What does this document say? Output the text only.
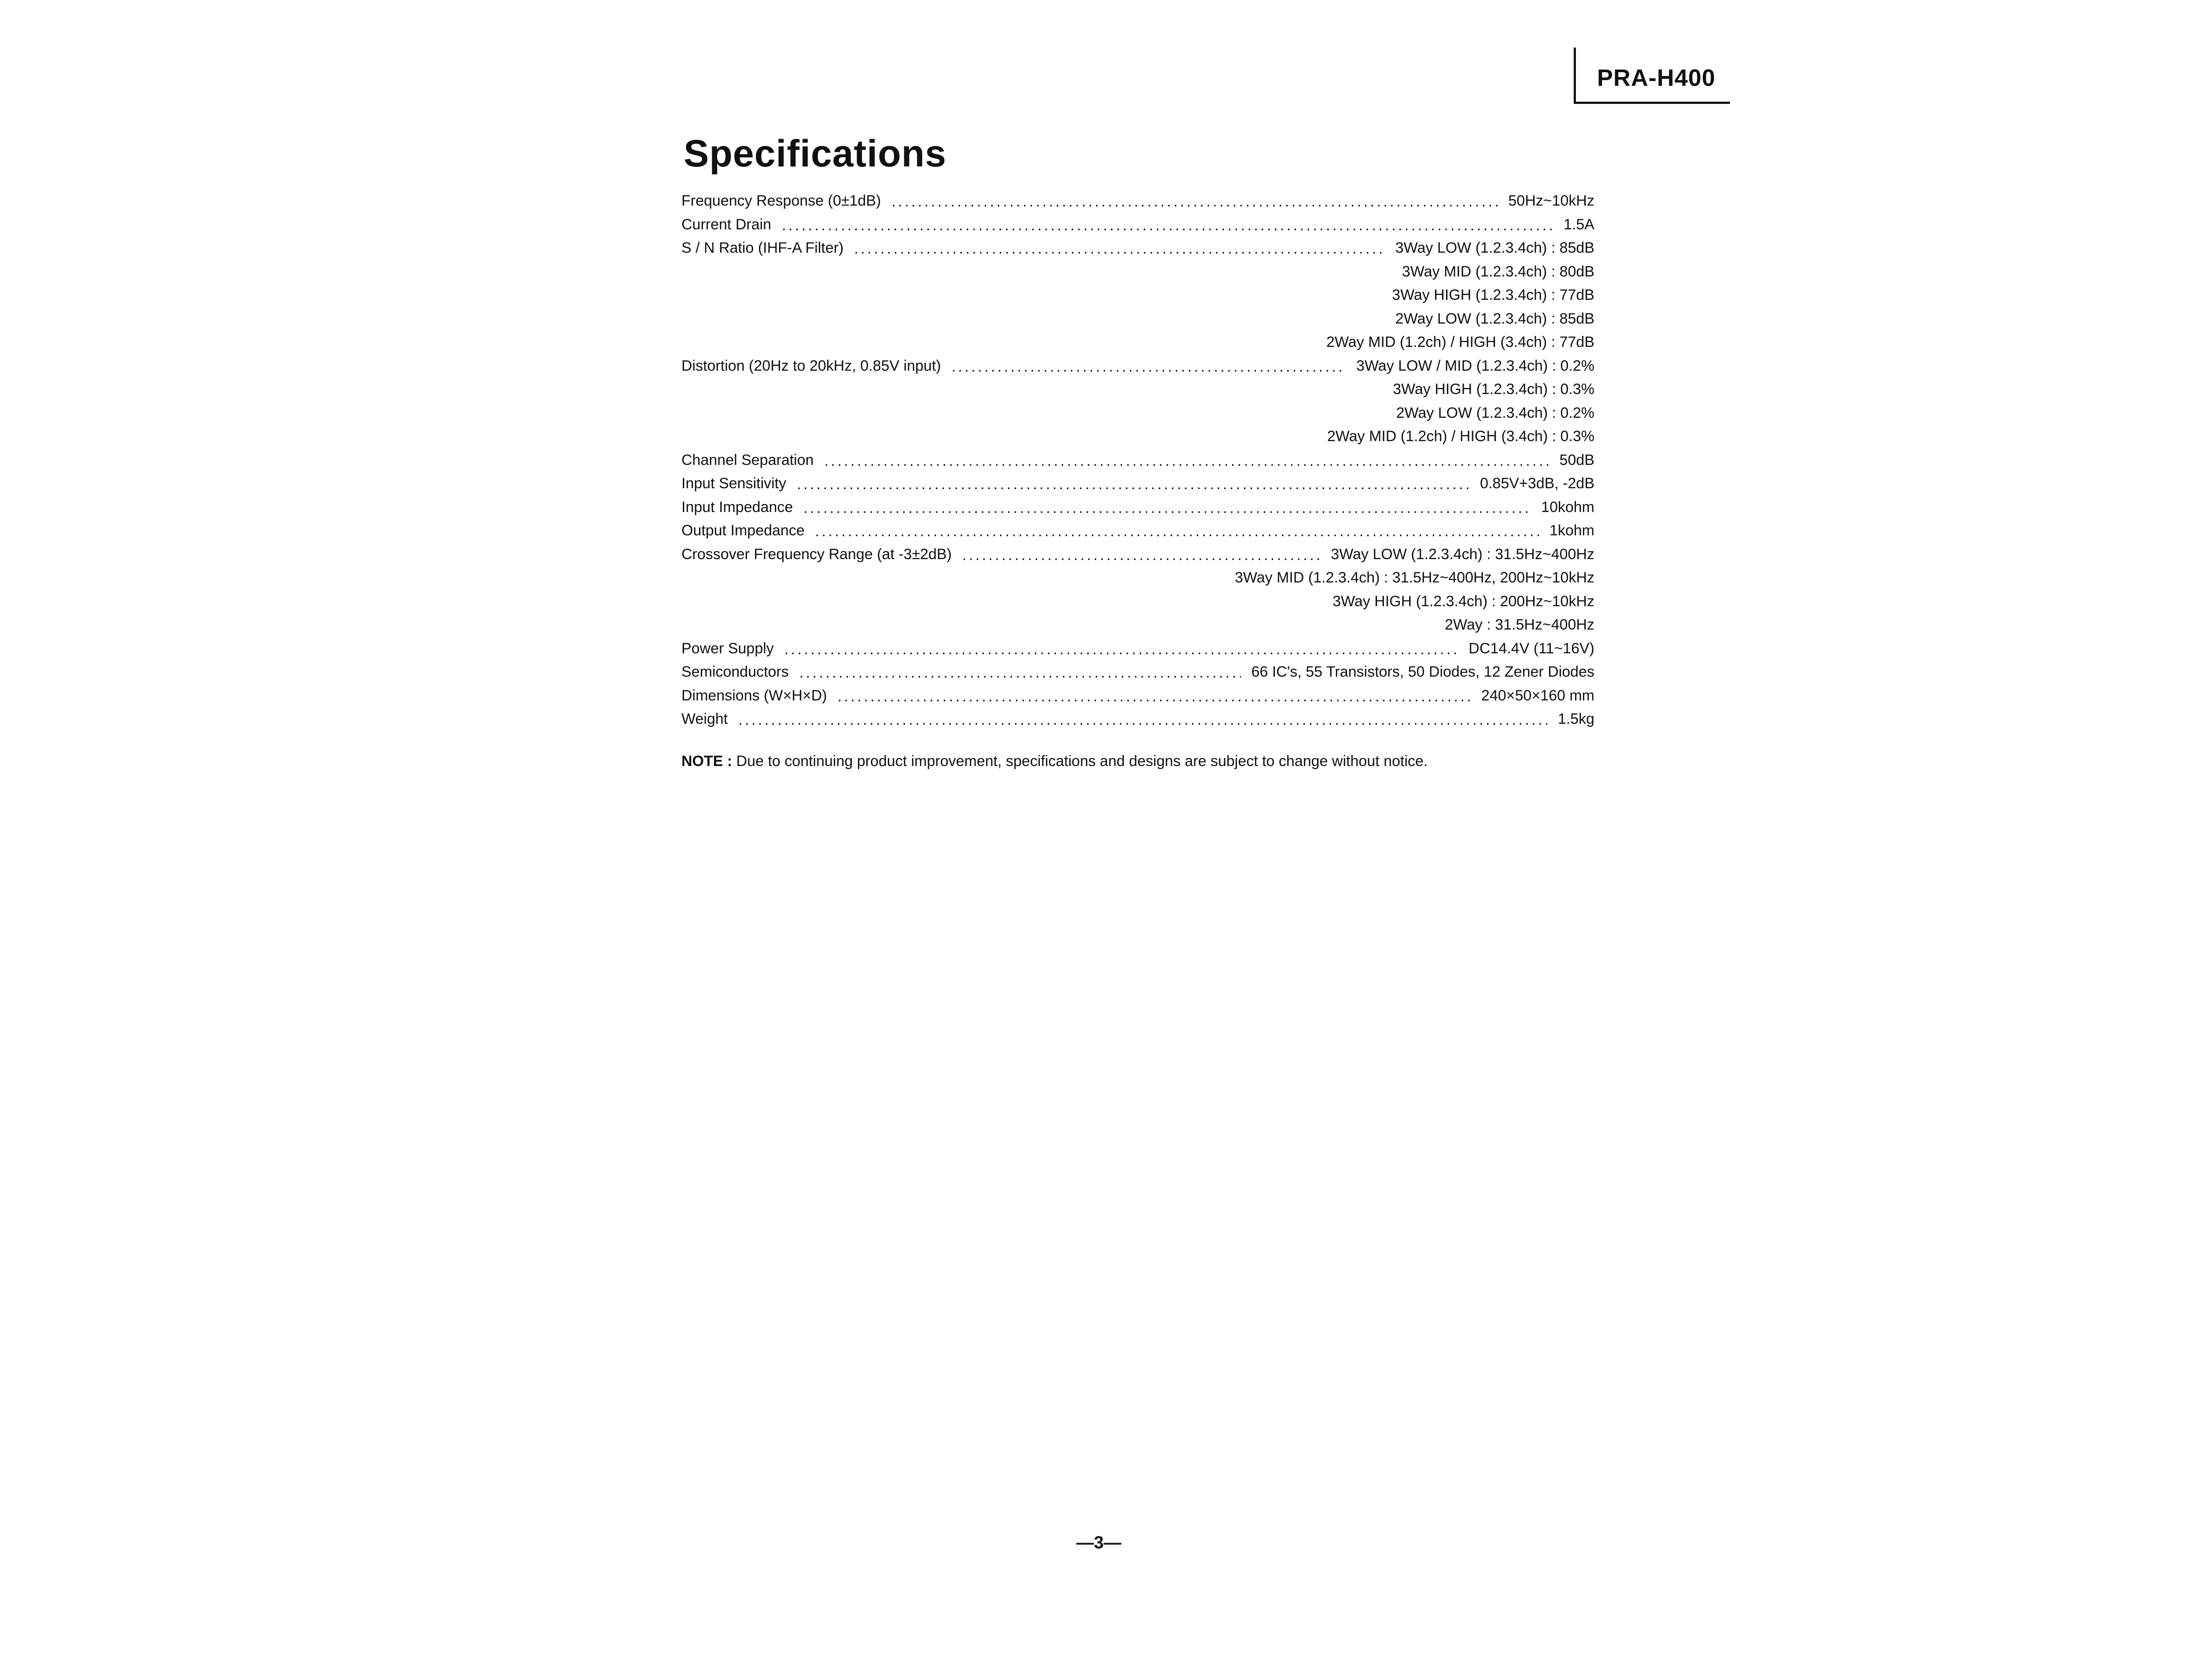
PRA-H400
Specifications
Frequency Response (0±1dB) . . .	50Hz~10kHz
Current Drain . . .	1.5A
S / N Ratio (IHF-A Filter) . . .	3Way LOW (1.2.3.4ch) : 85dB
3Way MID (1.2.3.4ch) : 80dB
3Way HIGH (1.2.3.4ch) : 77dB
2Way LOW (1.2.3.4ch) : 85dB
2Way MID (1.2ch) / HIGH (3.4ch) : 77dB
Distortion (20Hz to 20kHz, 0.85V input) . . .	3Way LOW / MID (1.2.3.4ch) : 0.2%
3Way HIGH (1.2.3.4ch) : 0.3%
2Way LOW (1.2.3.4ch) : 0.2%
2Way MID (1.2ch) / HIGH (3.4ch) : 0.3%
Channel Separation . . .	50dB
Input Sensitivity . . .	0.85V+3dB, -2dB
Input Impedance . . .	10kohm
Output Impedance . . .	1kohm
Crossover Frequency Range (at -3±2dB) . . .	3Way LOW (1.2.3.4ch) : 31.5Hz~400Hz
3Way MID (1.2.3.4ch) : 31.5Hz~400Hz, 200Hz~10kHz
3Way HIGH (1.2.3.4ch) : 200Hz~10kHz
2Way : 31.5Hz~400Hz
Power Supply . . .	DC14.4V (11~16V)
Semiconductors . . .	66 IC's, 55 Transistors, 50 Diodes, 12 Zener Diodes
Dimensions (W×H×D) . . .	240×50×160 mm
Weight . . .	1.5kg
NOTE : Due to continuing product improvement, specifications and designs are subject to change without notice.
—3—
